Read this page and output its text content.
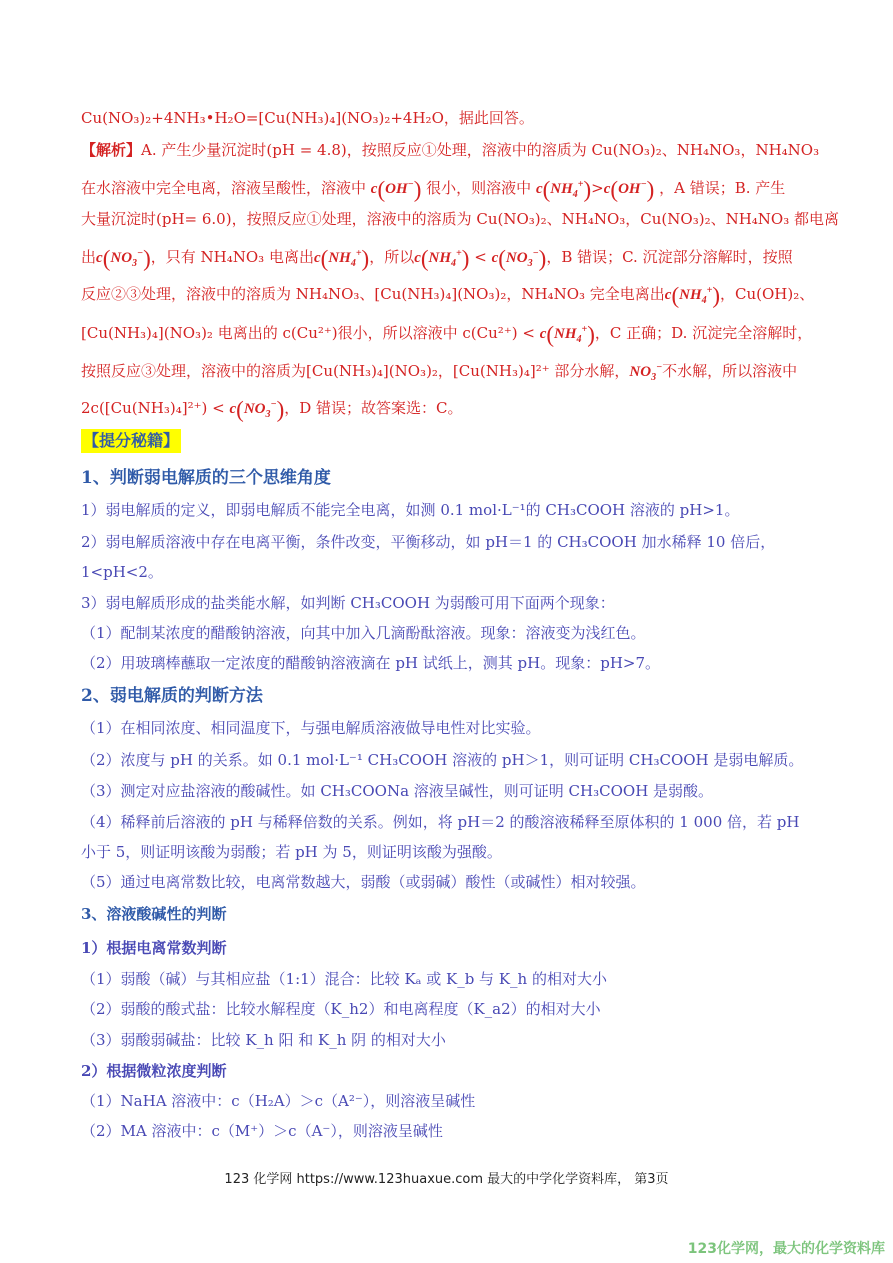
Cu(NO₃)₂+4NH₃•H₂O=[Cu(NH₃)₄](NO₃)₂+4H₂O，据此回答。
【解析】A. 产生少量沉淀时(pH = 4.8)，按照反应①处理，溶液中的溶质为 Cu(NO₃)₂、NH₄NO₃，NH₄NO₃
在水溶液中完全电离，溶液呈酸性，溶液中 c(OH−) 很小，则溶液中 $c(NH_4^+)>c(OH^-)$ ，A 错误；B. 产生
大量沉淀时(pH= 6.0)，按照反应①处理，溶液中的溶质为 Cu(NO₃)₂、NH₄NO₃，Cu(NO₃)₂、NH₄NO₃ 都电离
出$c(NO_3^-)$，只有 NH₄NO₃ 电离出$c(NH_4^+)$，所以$c(NH_4^+) < c(NO_3^-)$，B 错误；C. 沉淀部分溶解时，按照
反应②③处理，溶液中的溶质为 NH₄NO₃、[Cu(NH₃)₄](NO₃)₂，NH₄NO₃ 完全电离出$c(NH_4^+)$，Cu(OH)₂、
[Cu(NH₃)₄](NO₃)₂ 电离出的 c(Cu²⁺)很小，所以溶液中 $c(Cu^{2+}) < c(NH_4^+)$，C 正确；D. 沉淀完全溶解时，
按照反应③处理，溶液中的溶质为[Cu(NH₃)₄](NO₃)₂，[Cu(NH₃)₄]²⁺ 部分水解，$NO_3^-$不水解，所以溶液中
$2c([Cu(NH_3)_4]^{2+}) < c(NO_3^-)$，D 错误；故答案选：C。
【提分秘籍】
1、判断弱电解质的三个思维角度
1）弱电解质的定义，即弱电解质不能完全电离，如测 0.1 mol·L⁻¹的 CH₃COOH 溶液的 pH>1。
2）弱电解质溶液中存在电离平衡，条件改变，平衡移动，如 pH＝1 的 CH₃COOH 加水稀释 10 倍后，
1<pH<2。
3）弱电解质形成的盐类能水解，如判断 CH₃COOH 为弱酸可用下面两个现象：
（1）配制某浓度的醋酸钠溶液，向其中加入几滴酚酞溶液。现象：溶液变为浅红色。
（2）用玻璃棒蘸取一定浓度的醋酸钠溶液滴在 pH 试纸上，测其 pH。现象：pH>7。
2、弱电解质的判断方法
（1）在相同浓度、相同温度下，与强电解质溶液做导电性对比实验。
（2）浓度与 pH 的关系。如 0.1 mol·L⁻¹ CH₃COOH 溶液的 pH＞1，则可证明 CH₃COOH 是弱电解质。
（3）测定对应盐溶液的酸碱性。如 CH₃COONa 溶液呈碱性，则可证明 CH₃COOH 是弱酸。
（4）稀释前后溶液的 pH 与稀释倍数的关系。例如，将 pH＝2 的酸溶液稀释至原体积的 1 000 倍，若 pH
小于 5，则证明该酸为弱酸；若 pH 为 5，则证明该酸为强酸。
（5）通过电离常数比较，电离常数越大，弱酸（或弱碱）酸性（或碱性）相对较强。
3、溶液酸碱性的判断
1）根据电离常数判断
（1）弱酸（碱）与其相应盐（1:1）混合：比较 Kₐ 或 K_b 与 K_h 的相对大小
（2）弱酸的酸式盐：比较水解程度（K_h2）和电离程度（K_a2）的相对大小
（3）弱酸弱碱盐：比较 K_h 阳 和 K_h 阴 的相对大小
2）根据微粒浓度判断
（1）NaHA 溶液中：c（H₂A）＞c（A²⁻），则溶液呈碱性
（2）MA 溶液中：c（M⁺）＞c（A⁻），则溶液呈碱性
123 化学网 https://www.123huaxue.com 最大的中学化学资料库， 第3页
123化学网，最大的化学资料库
